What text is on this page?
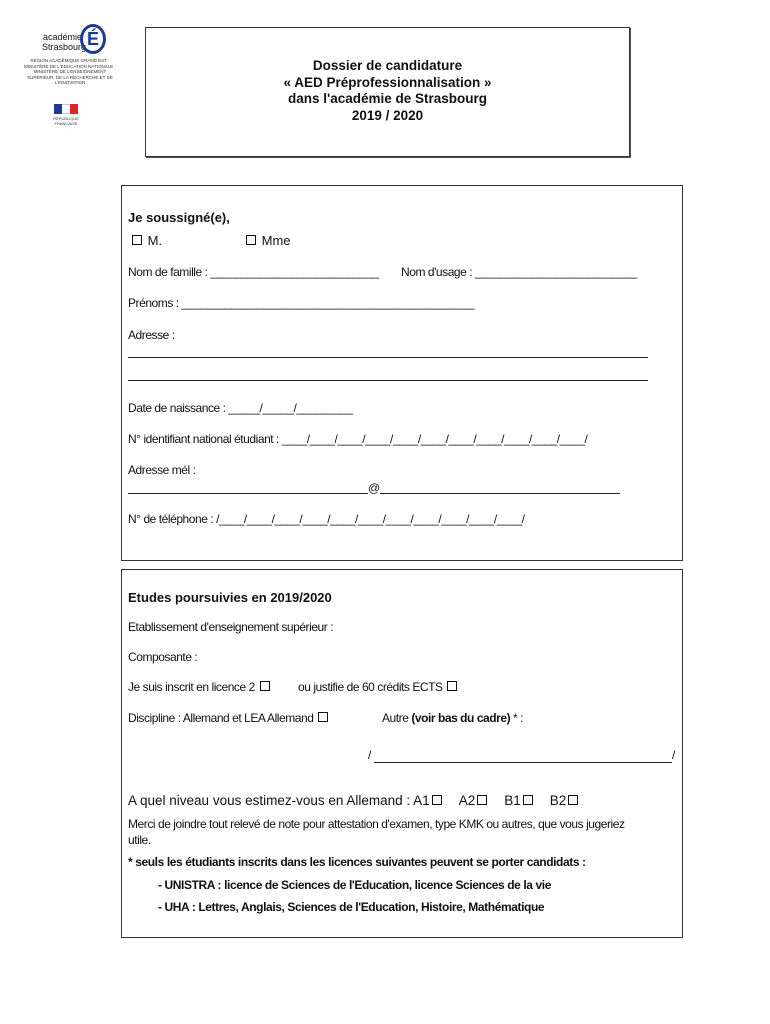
académie
Strasbourg É
RÉGION ACADÉMIQUE GRAND EST · MINISTÈRE DE L'ÉDUCATION NATIONALE · MINISTÈRE DE L'ENSEIGNEMENT SUPÉRIEUR, DE LA RECHERCHE ET DE L'INNOVATION
RÉPUBLIQUE FRANÇAISE
Dossier de candidature
« AED Préprofessionnalisation »
dans l'académie de Strasbourg
2019 / 2020
Je soussigné(e),
M.	Mme
Nom de famille : ___________________________ Nom d'usage : __________________________
Prénoms : _______________________________________________
Adresse :
Date de naissance : _____/_____/_________
N° identifiant national étudiant : ____/____/____/____/____/____/____/____/____/____/____/
Adresse mél :
@
N° de téléphone : /____/____/____/____/____/____/____/____/____/____/____/
Etudes poursuivies en 2019/2020
Etablissement d'enseignement supérieur :
Composante :
Je suis inscrit en licence 2	ou justifie de 60 crédits ECTS
Discipline : Allemand et LEA Allemand	Autre (voir bas du cadre) * :
/	/
A quel niveau vous estimez-vous en Allemand : A1 A2 B1 B2
Merci de joindre tout relevé de note pour attestation d'examen, type KMK ou autres, que vous jugeriez
utile.
* seuls les étudiants inscrits dans les licences suivantes peuvent se porter candidats :
- UNISTRA : licence de Sciences de l'Education, licence Sciences de la vie
- UHA : Lettres, Anglais, Sciences de l'Education, Histoire, Mathématique
